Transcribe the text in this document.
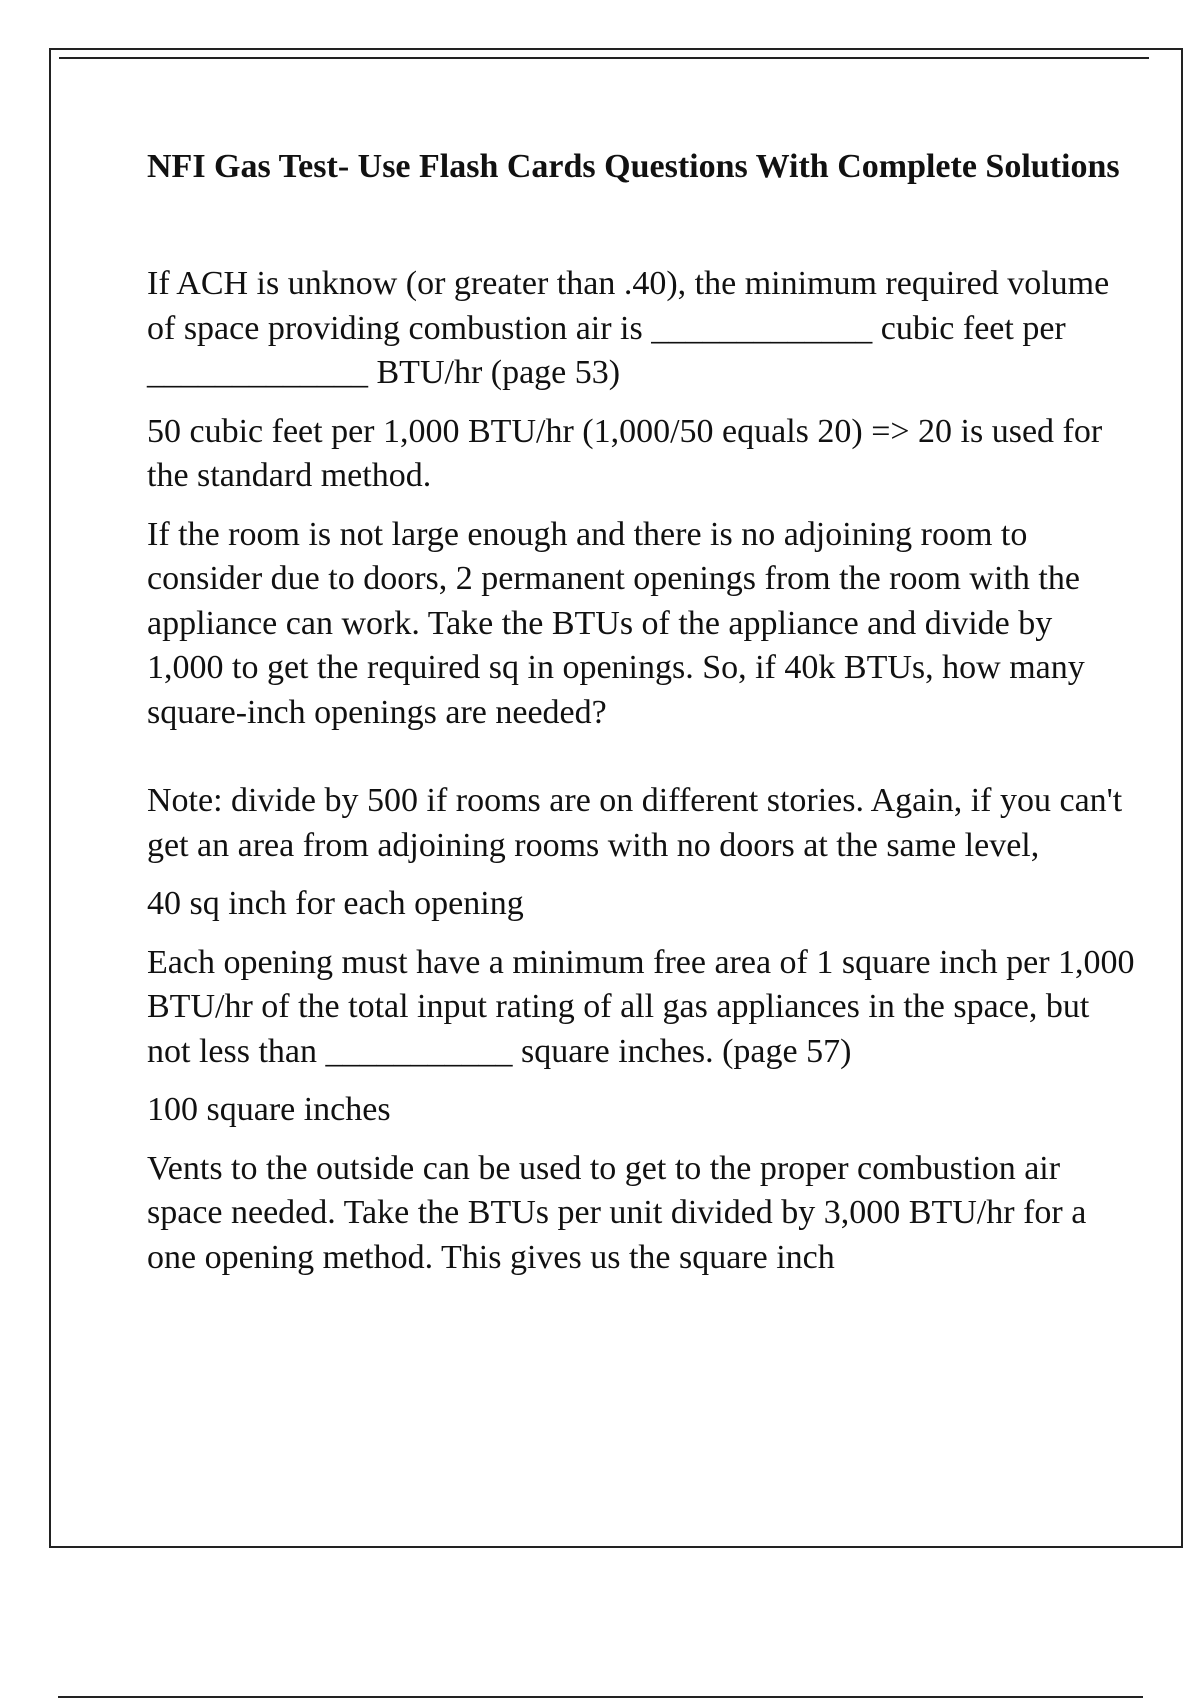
NFI Gas Test- Use Flash Cards Questions With Complete Solutions

If ACH is unknow (or greater than .40), the minimum required volume of space providing combustion air is _____________ cubic feet per _____________ BTU/hr (page 53)

50 cubic feet per 1,000 BTU/hr (1,000/50 equals 20) => 20 is used for the standard method.

If the room is not large enough and there is no adjoining room to consider due to doors, 2 permanent openings from the room with the appliance can work. Take the BTUs of the appliance and divide by 1,000 to get the required sq in openings. So, if 40k BTUs, how many square-inch openings are needed?

Note: divide by 500 if rooms are on different stories. Again, if you can't get an area from adjoining rooms with no doors at the same level,

40 sq inch for each opening

Each opening must have a minimum free area of 1 square inch per 1,000 BTU/hr of the total input rating of all gas appliances in the space, but not less than ___________ square inches. (page 57)

100 square inches

Vents to the outside can be used to get to the proper combustion air space needed. Take the BTUs per unit divided by 3,000 BTU/hr for a one opening method. This gives us the square inch
